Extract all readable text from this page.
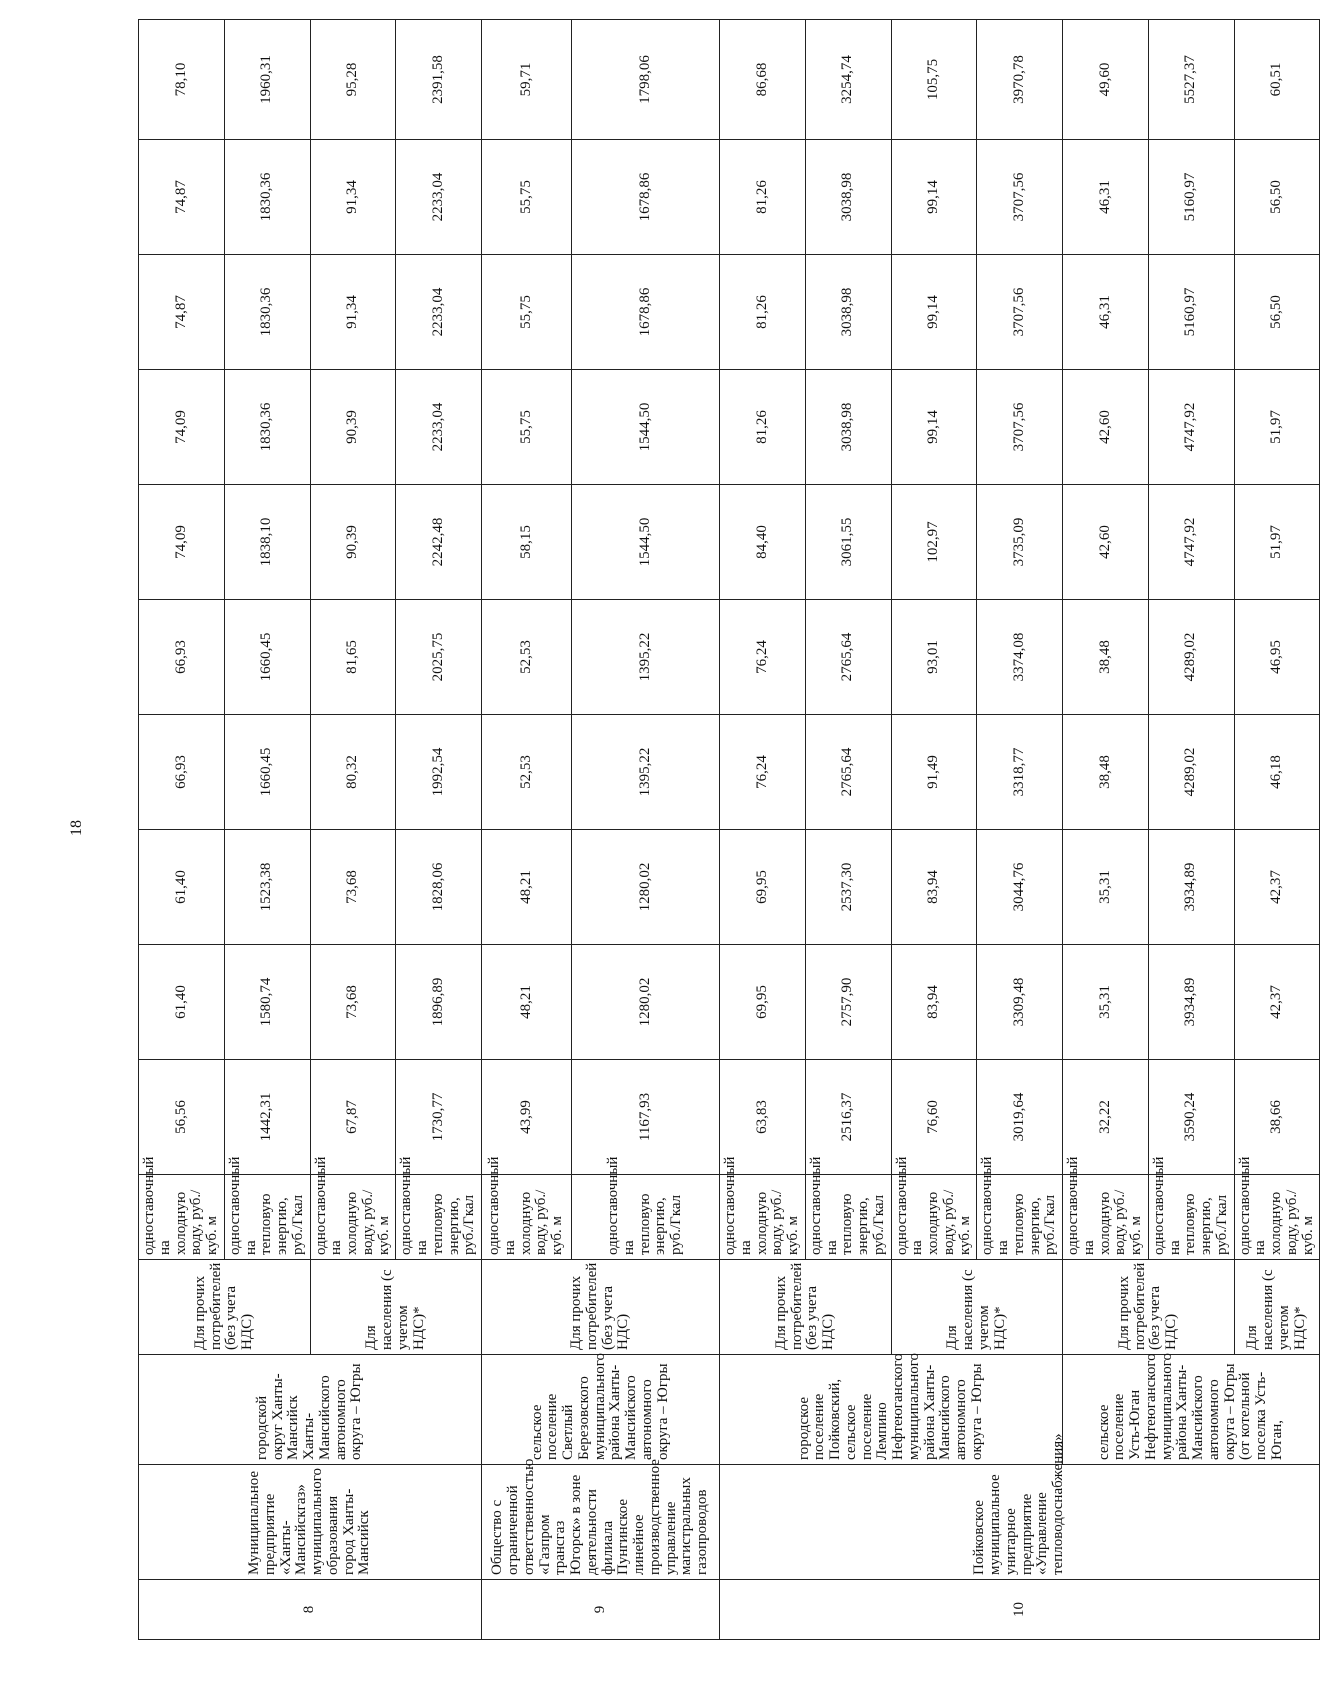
18
8	Муниципальное предприятие «Ханты-Мансийскгаз» муниципального образования город Ханты-Мансийск	городской округ Ханты-Мансийск Ханты-Мансийского автономного округа – Югры	Для прочих потребителей (без учета НДС)	одноставочный на холодную воду, руб./куб. м	56,56	61,40	61,40	66,93	66,93	74,09	74,09	74,87	74,87	78,10
				одноставочный на тепловую энергию, руб./Гкал	1442,31	1580,74	1523,38	1660,45	1660,45	1838,10	1830,36	1830,36	1830,36	1960,31
			Для населения (с учетом НДС)*	одноставочный на холодную воду, руб./куб. м	67,87	73,68	73,68	80,32	81,65	90,39	90,39	91,34	91,34	95,28
				одноставочный на тепловую энергию, руб./Гкал	1730,77	1896,89	1828,06	1992,54	2025,75	2242,48	2233,04	2233,04	2233,04	2391,58
9	Общество с ограниченной ответственностью «Газпром трансгаз Югорск» в зоне деятельности филиала Пунгинское линейное производственное управление магистральных газопроводов	сельское поселение Светлый Березовского муниципального района Ханты-Мансийского автономного округа – Югры	Для прочих потребителей (без учета НДС)	одноставочный на холодную воду, руб./куб. м	43,99	48,21	48,21	52,53	52,53	58,15	55,75	55,75	55,75	59,71
				одноставочный на тепловую энергию, руб./Гкал	1167,93	1280,02	1280,02	1395,22	1395,22	1544,50	1544,50	1678,86	1678,86	1798,06
10	Пойковское муниципальное унитарное предприятие «Управление тепловодоснабжения»	городское поселение Пойковский, сельское поселение Лемпино Нефтеюганского муниципального района Ханты-Мансийского автономного округа – Югры	Для прочих потребителей (без учета НДС)	одноставочный на холодную воду, руб./куб. м	63,83	69,95	69,95	76,24	76,24	84,40	81,26	81,26	81,26	86,68
				одноставочный на тепловую энергию, руб./Гкал	2516,37	2757,90	2537,30	2765,64	2765,64	3061,55	3038,98	3038,98	3038,98	3254,74
			Для населения (с учетом НДС)*	одноставочный на холодную воду, руб./куб. м	76,60	83,94	83,94	91,49	93,01	102,97	99,14	99,14	99,14	105,75
				одноставочный на тепловую энергию, руб./Гкал	3019,64	3309,48	3044,76	3318,77	3374,08	3735,09	3707,56	3707,56	3707,56	3970,78
		сельское поселение Усть-Юган Нефтеюганского муниципального района Ханты-Мансийского автономного округа – Югры (от котельной поселка Усть-Юган,	Для прочих потребителей (без учета НДС)	одноставочный на холодную воду, руб./куб. м	32,22	35,31	35,31	38,48	38,48	42,60	42,60	46,31	46,31	49,60
				одноставочный на тепловую энергию, руб./Гкал	3590,24	3934,89	3934,89	4289,02	4289,02	4747,92	4747,92	5160,97	5160,97	5527,37
			Для населения (с учетом НДС)*	одноставочный на холодную воду, руб./куб. м	38,66	42,37	42,37	46,18	46,95	51,97	51,97	56,50	56,50	60,51
